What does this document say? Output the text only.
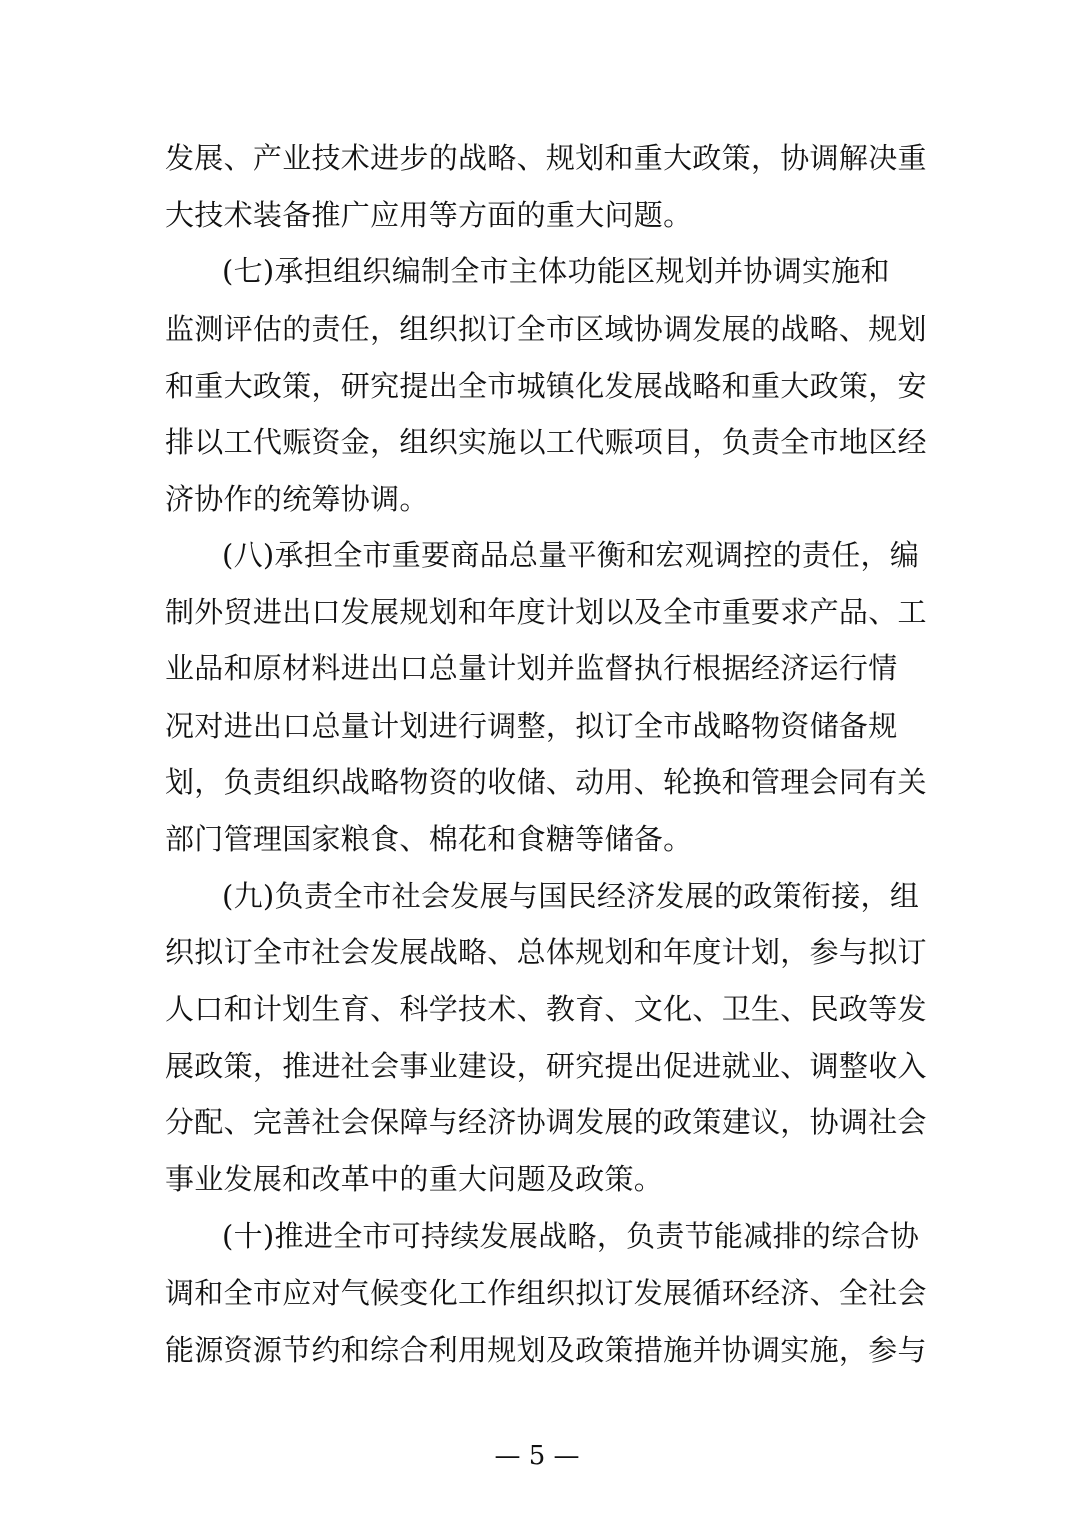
发展、产业技术进步的战略、规划和重大政策，协调解决重
大技术装备推广应用等方面的重大问题。
(七)承担组织编制全市主体功能区规划并协调实施和
监测评估的责任，组织拟订全市区域协调发展的战略、规划
和重大政策，研究提出全市城镇化发展战略和重大政策，安
排以工代赈资金，组织实施以工代赈项目，负责全市地区经
济协作的统筹协调。
(八)承担全市重要商品总量平衡和宏观调控的责任，编
制外贸进出口发展规划和年度计划以及全市重要求产品、工
业品和原材料进出口总量计划并监督执行根据经济运行情
况对进出口总量计划进行调整，拟订全市战略物资储备规
划，负责组织战略物资的收储、动用、轮换和管理会同有关
部门管理国家粮食、棉花和食糖等储备。
(九)负责全市社会发展与国民经济发展的政策衔接，组
织拟订全市社会发展战略、总体规划和年度计划，参与拟订
人口和计划生育、科学技术、教育、文化、卫生、民政等发
展政策，推进社会事业建设，研究提出促进就业、调整收入
分配、完善社会保障与经济协调发展的政策建议，协调社会
事业发展和改革中的重大问题及政策。
(十)推进全市可持续发展战略，负责节能减排的综合协
调和全市应对气候变化工作组织拟订发展循环经济、全社会
能源资源节约和综合利用规划及政策措施并协调实施，参与
— 5 —
